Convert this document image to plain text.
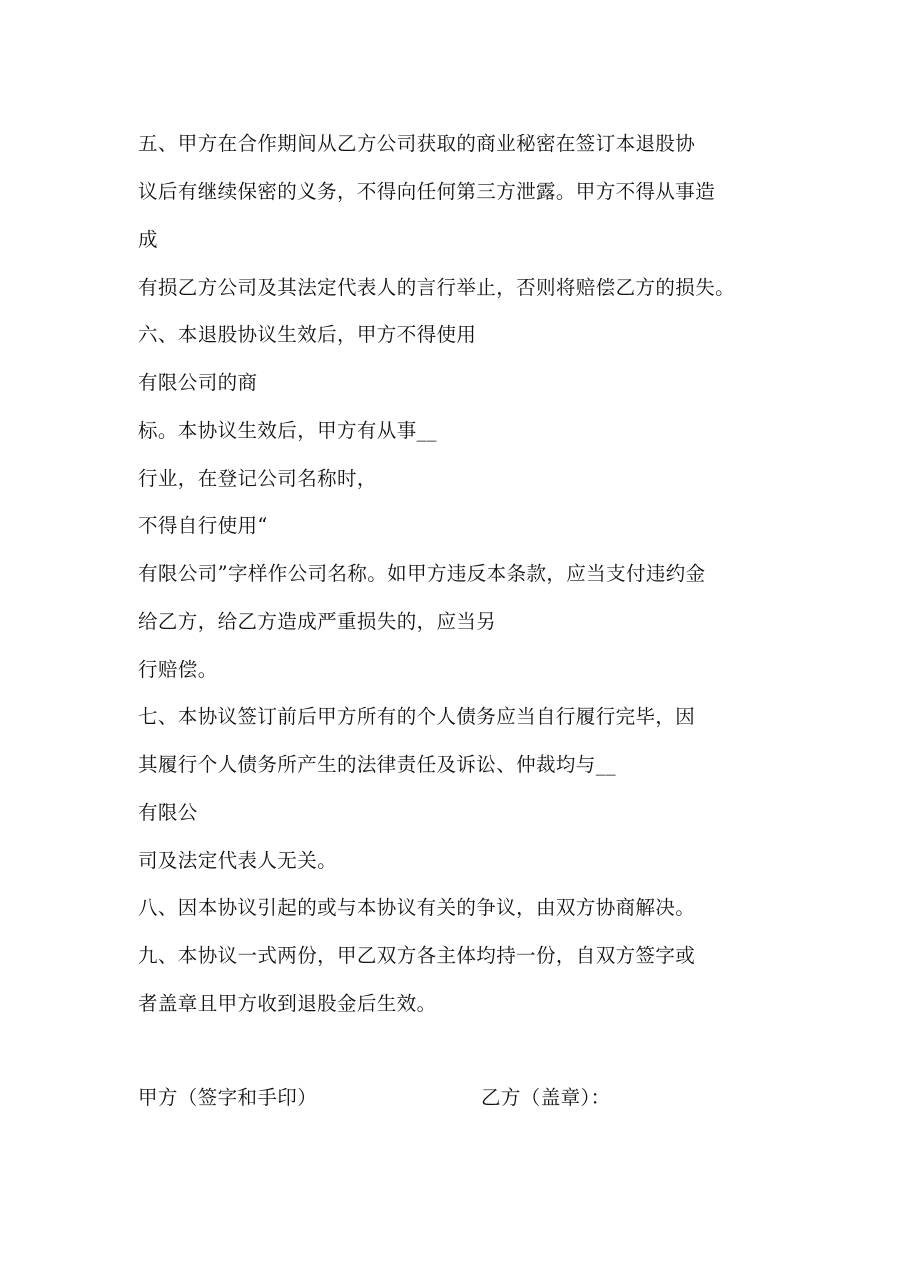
五、甲方在合作期间从乙方公司获取的商业秘密在签订本退股协

议后有继续保密的义务，不得向任何第三方泄露。甲方不得从事造

成

有损乙方公司及其法定代表人的言行举止，否则将赔偿乙方的损失。

六、本退股协议生效后，甲方不得使用

有限公司的商

标。本协议生效后，甲方有从事__

行业，在登记公司名称时，

不得自行使用“

有限公司”字样作公司名称。如甲方违反本条款，应当支付违约金

给乙方，给乙方造成严重损失的，应当另

行赔偿。

七、本协议签订前后甲方所有的个人债务应当自行履行完毕，因

其履行个人债务所产生的法律责任及诉讼、仲裁均与__

有限公

司及法定代表人无关。

八、因本协议引起的或与本协议有关的争议，由双方协商解决。

九、本协议一式两份，甲乙双方各主体均持一份，自双方签字或

者盖章且甲方收到退股金后生效。

甲方（签字和手印）	乙方（盖章）：
